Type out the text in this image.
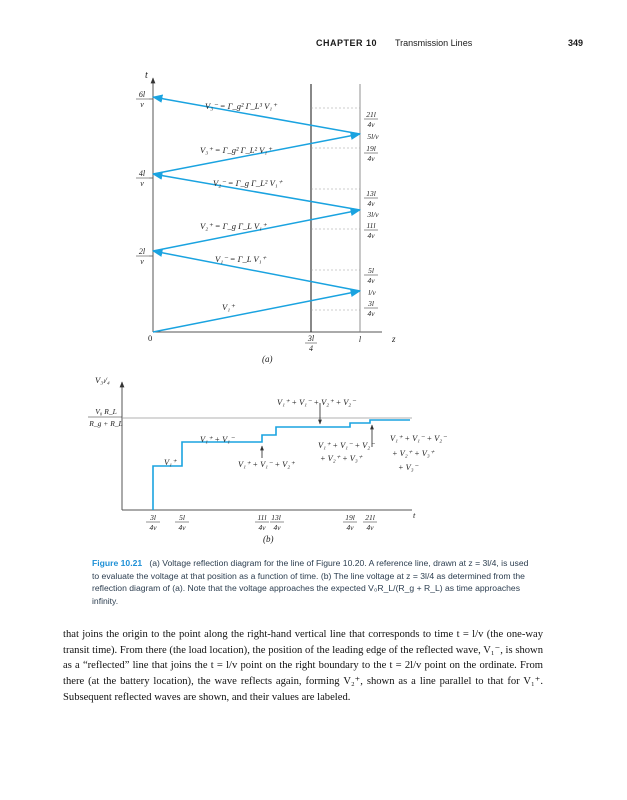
CHAPTER 10 Transmission Lines	349
t
z
0
6l
v
4l
v
2l
v
3l
4
l
21l
4v
5l/v
19l
4v
13l
4v
3l/v
11l
4v
5l
4v
l/v
3l
4v
V₁⁺
V₁⁻ = Γ_L V₁⁺
V₂⁺ = Γ_g Γ_L V₁⁺
V₂⁻ = Γ_g Γ_L² V₁⁺
V₃⁺ = Γ_g² Γ_L² V₁⁺
V₃⁻ = Γ_g² Γ_L³ V₁⁺
(a)
V₃ₗ/₄
V₀ R_L
R_g + R_L
V₁⁺
V₁⁺ + V₁⁻
V₁⁺ + V₁⁻ + V₂⁺
V₁⁺ + V₁⁻ + V₂⁺ + V₂⁻
V₁⁺ + V₁⁻ + V₂⁻
+ V₂⁺ + V₃⁺
V₁⁺ + V₁⁻ + V₂⁻
+ V₂⁺ + V₃⁺
+ V₃⁻
3l
4v
5l
4v
11l
4v
13l
4v
19l
4v
21l
4v
t
(b)
Figure 10.21 (a) Voltage reflection diagram for the line of Figure 10.20. A reference line, drawn at z = 3l/4, is used to evaluate the voltage at that position as a function of time. (b) The line voltage at z = 3l/4 as determined from the reflection diagram of (a). Note that the voltage approaches the expected V₀R_L/(R_g + R_L) as time approaches infinity.

that joins the origin to the point along the right-hand vertical line that corresponds to time t = l/v (the one-way transit time). From there (the load location), the position of the leading edge of the reflected wave, V₁⁻, is shown as a “reflected” line that joins the t = l/v point on the right boundary to the t = 2l/v point on the ordinate. From there (at the battery location), the wave reflects again, forming V₂⁺, shown as a line parallel to that for V₁⁺. Subsequent reflected waves are shown, and their values are labeled.
